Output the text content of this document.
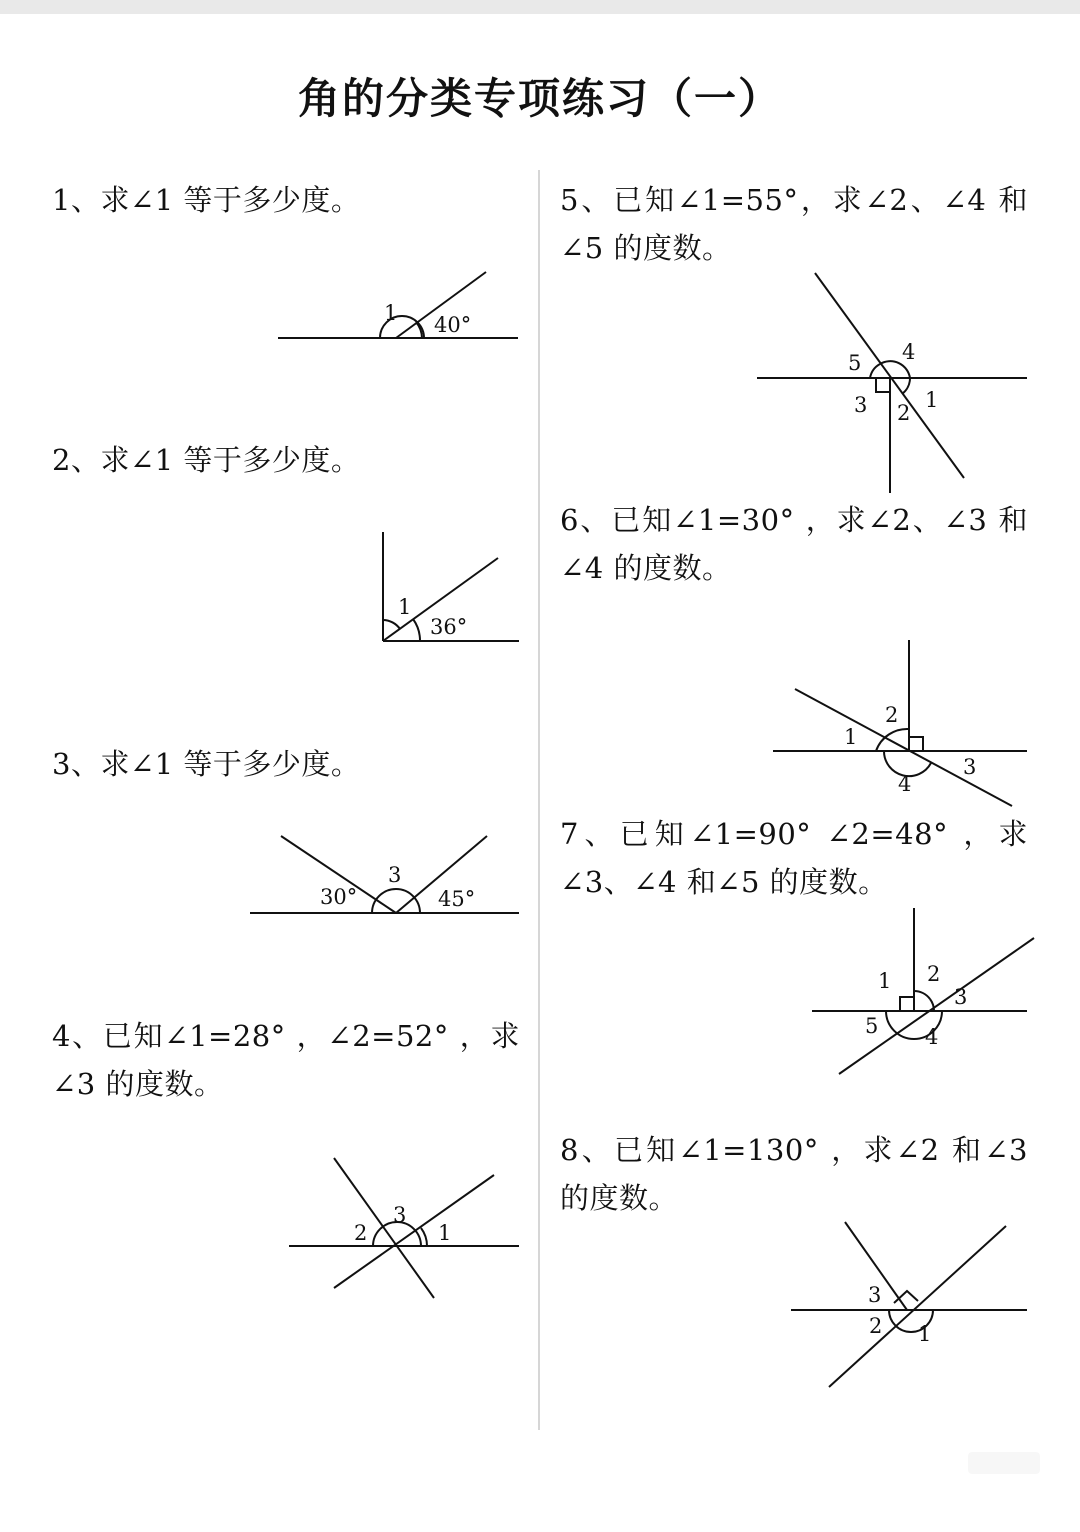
角的分类专项练习（一）
1、求∠1 等于多少度。
2、求∠1 等于多少度。
3、求∠1 等于多少度。
4、已知∠1=28° ，∠2=52° ，求∠3 的度数。
5、已知∠1=55°，求∠2、∠4 和∠5 的度数。
6、已知∠1=30° ，求∠2、∠3 和∠4 的度数。
7、已知∠1=90° ∠2=48° ，求∠3、∠4 和∠5 的度数。
8、已知∠1=130° ，求∠2 和∠3 的度数。
1 40°
1
36°
3
30°	45°
2
3
1
5 4
3 2
1
1
2
3
4
1 2
3
4
5
3
2 1
